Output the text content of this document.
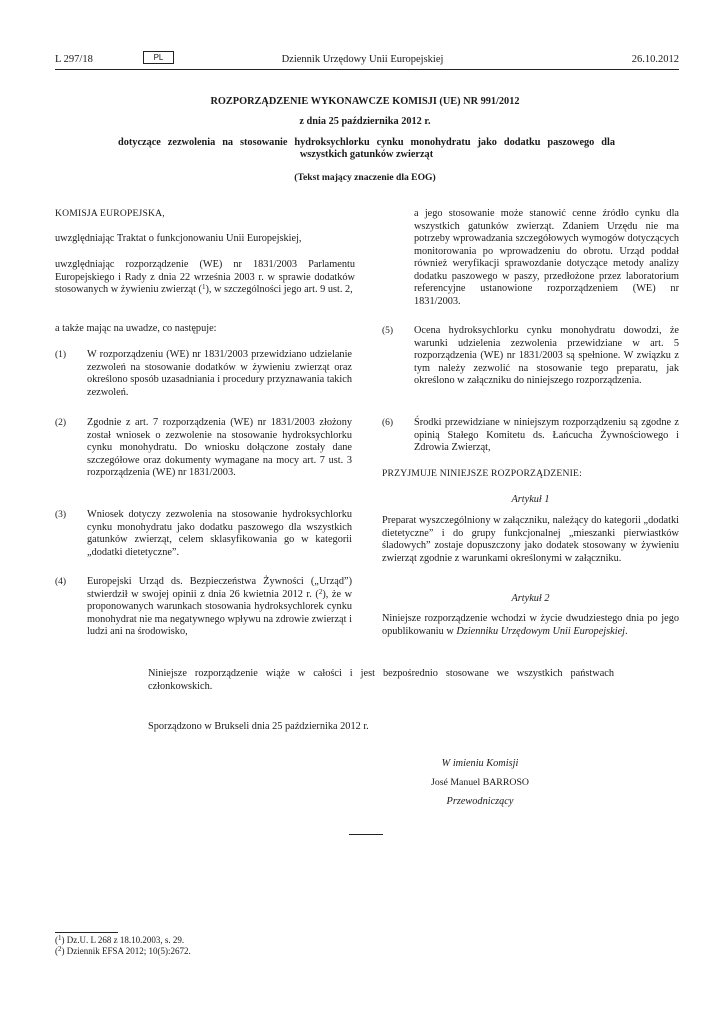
L 297/18	PL	Dziennik Urzędowy Unii Europejskiej	26.10.2012
ROZPORZĄDZENIE WYKONAWCZE KOMISJI (UE) NR 991/2012
z dnia 25 października 2012 r.
dotyczące zezwolenia na stosowanie hydroksychlorku cynku monohydratu jako dodatku paszowego dla wszystkich gatunków zwierząt
(Tekst mający znaczenie dla EOG)
KOMISJA EUROPEJSKA,
uwzględniając Traktat o funkcjonowaniu Unii Europejskiej,
uwzględniając rozporządzenie (WE) nr 1831/2003 Parlamentu Europejskiego i Rady z dnia 22 września 2003 r. w sprawie dodatków stosowanych w żywieniu zwierząt ($^1$), w szczególności jego art. 9 ust. 2,
a także mając na uwadze, co następuje:
(1) W rozporządzeniu (WE) nr 1831/2003 przewidziano udzielanie zezwoleń na stosowanie dodatków w żywieniu zwierząt oraz określono sposób uzasadniania i procedury przyznawania takich zezwoleń.
(2) Zgodnie z art. 7 rozporządzenia (WE) nr 1831/2003 złożony został wniosek o zezwolenie na stosowanie hydroksychlorku cynku monohydratu. Do wniosku dołączone zostały dane szczegółowe oraz dokumenty wymagane na mocy art. 7 ust. 3 rozporządzenia (WE) nr 1831/2003.
(3) Wniosek dotyczy zezwolenia na stosowanie hydroksychlorku cynku monohydratu jako dodatku paszowego dla wszystkich gatunków zwierząt, celem sklasyfikowania go w kategorii „dodatki dietetyczne”.
(4) Europejski Urząd ds. Bezpieczeństwa Żywności („Urząd”) stwierdził w swojej opinii z dnia 26 kwietnia 2012 r. ($^2$), że w proponowanych warunkach stosowania hydroksychlorek cynku monohydrat nie ma negatywnego wpływu na zdrowie zwierząt i ludzi ani na środowisko,
a jego stosowanie może stanowić cenne źródło cynku dla wszystkich gatunków zwierząt. Zdaniem Urzędu nie ma potrzeby wprowadzania szczegółowych wymogów dotyczących monitorowania po wprowadzeniu do obrotu. Urząd poddał również weryfikacji sprawozdanie dotyczące metody analizy dodatku paszowego w paszy, przedłożone przez laboratorium referencyjne ustanowione rozporządzeniem (WE) nr 1831/2003.
(5) Ocena hydroksychlorku cynku monohydratu dowodzi, że warunki udzielenia zezwolenia przewidziane w art. 5 rozporządzenia (WE) nr 1831/2003 są spełnione. W związku z tym należy zezwolić na stosowanie tego preparatu, jak określono w załączniku do niniejszego rozporządzenia.
(6) Środki przewidziane w niniejszym rozporządzeniu są zgodne z opinią Stałego Komitetu ds. Łańcucha Żywnościowego i Zdrowia Zwierząt,
PRZYJMUJE NINIEJSZE ROZPORZĄDZENIE:
Artykuł 1
Preparat wyszczególniony w załączniku, należący do kategorii „dodatki dietetyczne” i do grupy funkcjonalnej „mieszanki pierwiastków śladowych” zostaje dopuszczony jako dodatek stosowany w żywieniu zwierząt zgodnie z warunkami określonymi w załączniku.
Artykuł 2
Niniejsze rozporządzenie wchodzi w życie dwudziestego dnia po jego opublikowaniu w Dzienniku Urzędowym Unii Europejskiej.
Niniejsze rozporządzenie wiąże w całości i jest bezpośrednio stosowane we wszystkich państwach członkowskich.
Sporządzono w Brukseli dnia 25 października 2012 r.
W imieniu Komisji
José Manuel BARROSO
Przewodniczący
($^1$) Dz.U. L 268 z 18.10.2003, s. 29.
($^2$) Dziennik EFSA 2012; 10(5):2672.
